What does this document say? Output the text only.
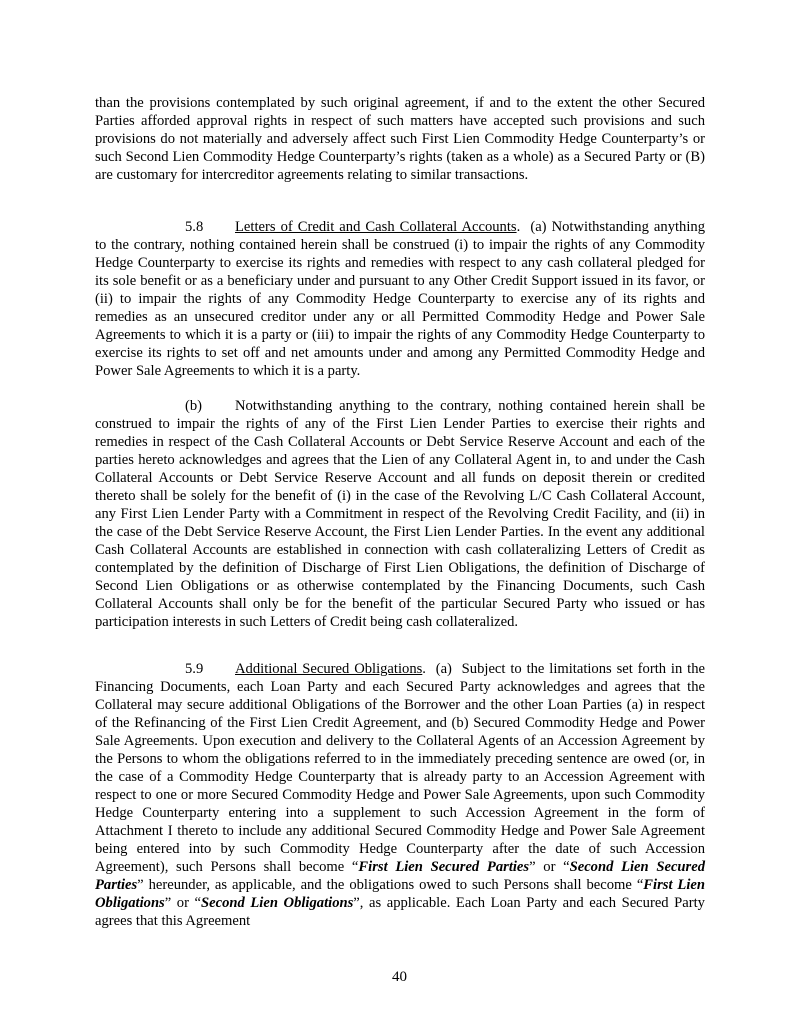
than the provisions contemplated by such original agreement, if and to the extent the other Secured Parties afforded approval rights in respect of such matters have accepted such provisions and such provisions do not materially and adversely affect such First Lien Commodity Hedge Counterparty’s or such Second Lien Commodity Hedge Counterparty’s rights (taken as a whole) as a Secured Party or (B) are customary for intercreditor agreements relating to similar transactions.

5.8 Letters of Credit and Cash Collateral Accounts. (a) Notwithstanding anything to the contrary, nothing contained herein shall be construed (i) to impair the rights of any Commodity Hedge Counterparty to exercise its rights and remedies with respect to any cash collateral pledged for its sole benefit or as a beneficiary under and pursuant to any Other Credit Support issued in its favor, or (ii) to impair the rights of any Commodity Hedge Counterparty to exercise any of its rights and remedies as an unsecured creditor under any or all Permitted Commodity Hedge and Power Sale Agreements to which it is a party or (iii) to impair the rights of any Commodity Hedge Counterparty to exercise its rights to set off and net amounts under and among any Permitted Commodity Hedge and Power Sale Agreements to which it is a party.

(b) Notwithstanding anything to the contrary, nothing contained herein shall be construed to impair the rights of any of the First Lien Lender Parties to exercise their rights and remedies in respect of the Cash Collateral Accounts or Debt Service Reserve Account and each of the parties hereto acknowledges and agrees that the Lien of any Collateral Agent in, to and under the Cash Collateral Accounts or Debt Service Reserve Account and all funds on deposit therein or credited thereto shall be solely for the benefit of (i) in the case of the Revolving L/C Cash Collateral Account, any First Lien Lender Party with a Commitment in respect of the Revolving Credit Facility, and (ii) in the case of the Debt Service Reserve Account, the First Lien Lender Parties. In the event any additional Cash Collateral Accounts are established in connection with cash collateralizing Letters of Credit as contemplated by the definition of Discharge of First Lien Obligations, the definition of Discharge of Second Lien Obligations or as otherwise contemplated by the Financing Documents, such Cash Collateral Accounts shall only be for the benefit of the particular Secured Party who issued or has participation interests in such Letters of Credit being cash collateralized.

5.9 Additional Secured Obligations. (a)  Subject to the limitations set forth in the Financing Documents, each Loan Party and each Secured Party acknowledges and agrees that the Collateral may secure additional Obligations of the Borrower and the other Loan Parties (a) in respect of the Refinancing of the First Lien Credit Agreement, and (b) Secured Commodity Hedge and Power Sale Agreements. Upon execution and delivery to the Collateral Agents of an Accession Agreement by the Persons to whom the obligations referred to in the immediately preceding sentence are owed (or, in the case of a Commodity Hedge Counterparty that is already party to an Accession Agreement with respect to one or more Secured Commodity Hedge and Power Sale Agreements, upon such Commodity Hedge Counterparty entering into a supplement to such Accession Agreement in the form of Attachment I thereto to include any additional Secured Commodity Hedge and Power Sale Agreement being entered into by such Commodity Hedge Counterparty after the date of such Accession Agreement), such Persons shall become “First Lien Secured Parties” or “Second Lien Secured Parties” hereunder, as applicable, and the obligations owed to such Persons shall become “First Lien Obligations” or “Second Lien Obligations”, as applicable. Each Loan Party and each Secured Party agrees that this Agreement

40
